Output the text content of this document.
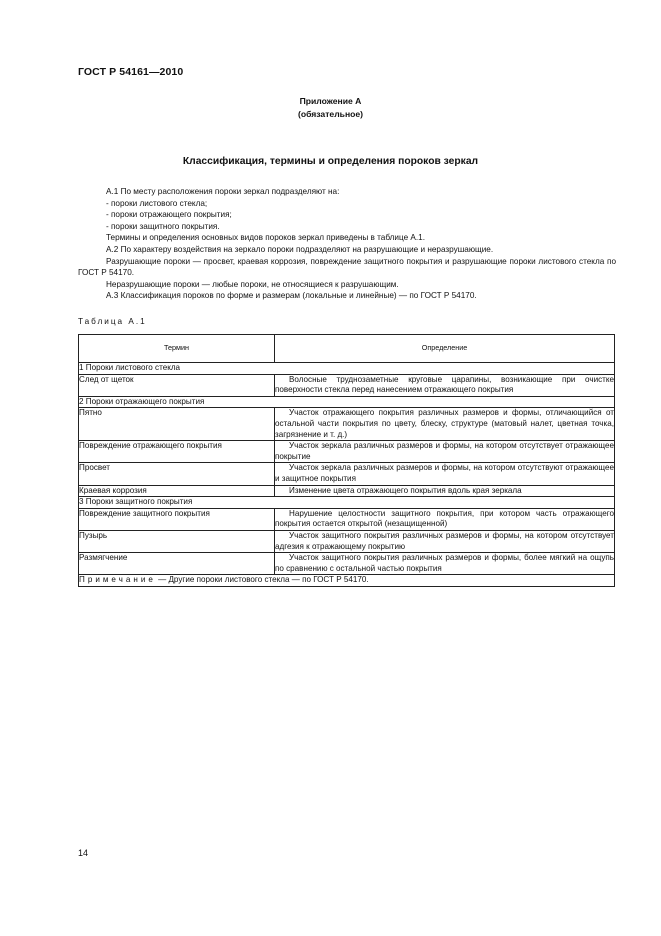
ГОСТ Р 54161—2010
Приложение А
(обязательное)
Классификация, термины и определения пороков зеркал

А.1 По месту расположения пороки зеркал подразделяют на:

- пороки листового стекла;

- пороки отражающего покрытия;

- пороки защитного покрытия.

Термины и определения основных видов пороков зеркал приведены в таблице А.1.

А.2 По характеру воздействия на зеркало пороки подразделяют на разрушающие и неразрушающие.

Разрушающие пороки — просвет, краевая коррозия, повреждение защитного покрытия и разрушающие пороки листового стекла по ГОСТ Р 54170.

Неразрушающие пороки — любые пороки, не относящиеся к разрушающим.

А.3 Классификация пороков по форме и размерам (локальные и линейные) — по ГОСТ Р 54170.

Таблица А.1
Термин	Определение
1 Пороки листового стекла	
След от щеток	Волосные труднозаметные круговые царапины, возникающие при очистке поверхности стекла перед нанесением отражающего покрытия
2 Пороки отражающего покрытия	
Пятно	Участок отражающего покрытия различных размеров и формы, отличающийся от остальной части покрытия по цвету, блеску, структуре (матовый налет, цветная точка, загрязнение и т. д.)
Повреждение отражающего покрытия	Участок зеркала различных размеров и формы, на котором отсутствует отражающее покрытие
Просвет	Участок зеркала различных размеров и формы, на котором отсутствуют отражающее и защитное покрытия
Краевая коррозия	Изменение цвета отражающего покрытия вдоль края зеркала
3 Пороки защитного покрытия	
Повреждение защитного покрытия	Нарушение целостности защитного покрытия, при котором часть отражающего покрытия остается открытой (незащищенной)
Пузырь	Участок защитного покрытия различных размеров и формы, на котором отсутствует адгезия к отражающему покрытию
Размягчение	Участок защитного покрытия различных размеров и формы, более мягкий на ощупь по сравнению с остальной частью покрытия
Примечание — Другие пороки листового стекла — по ГОСТ Р 54170.	
14
